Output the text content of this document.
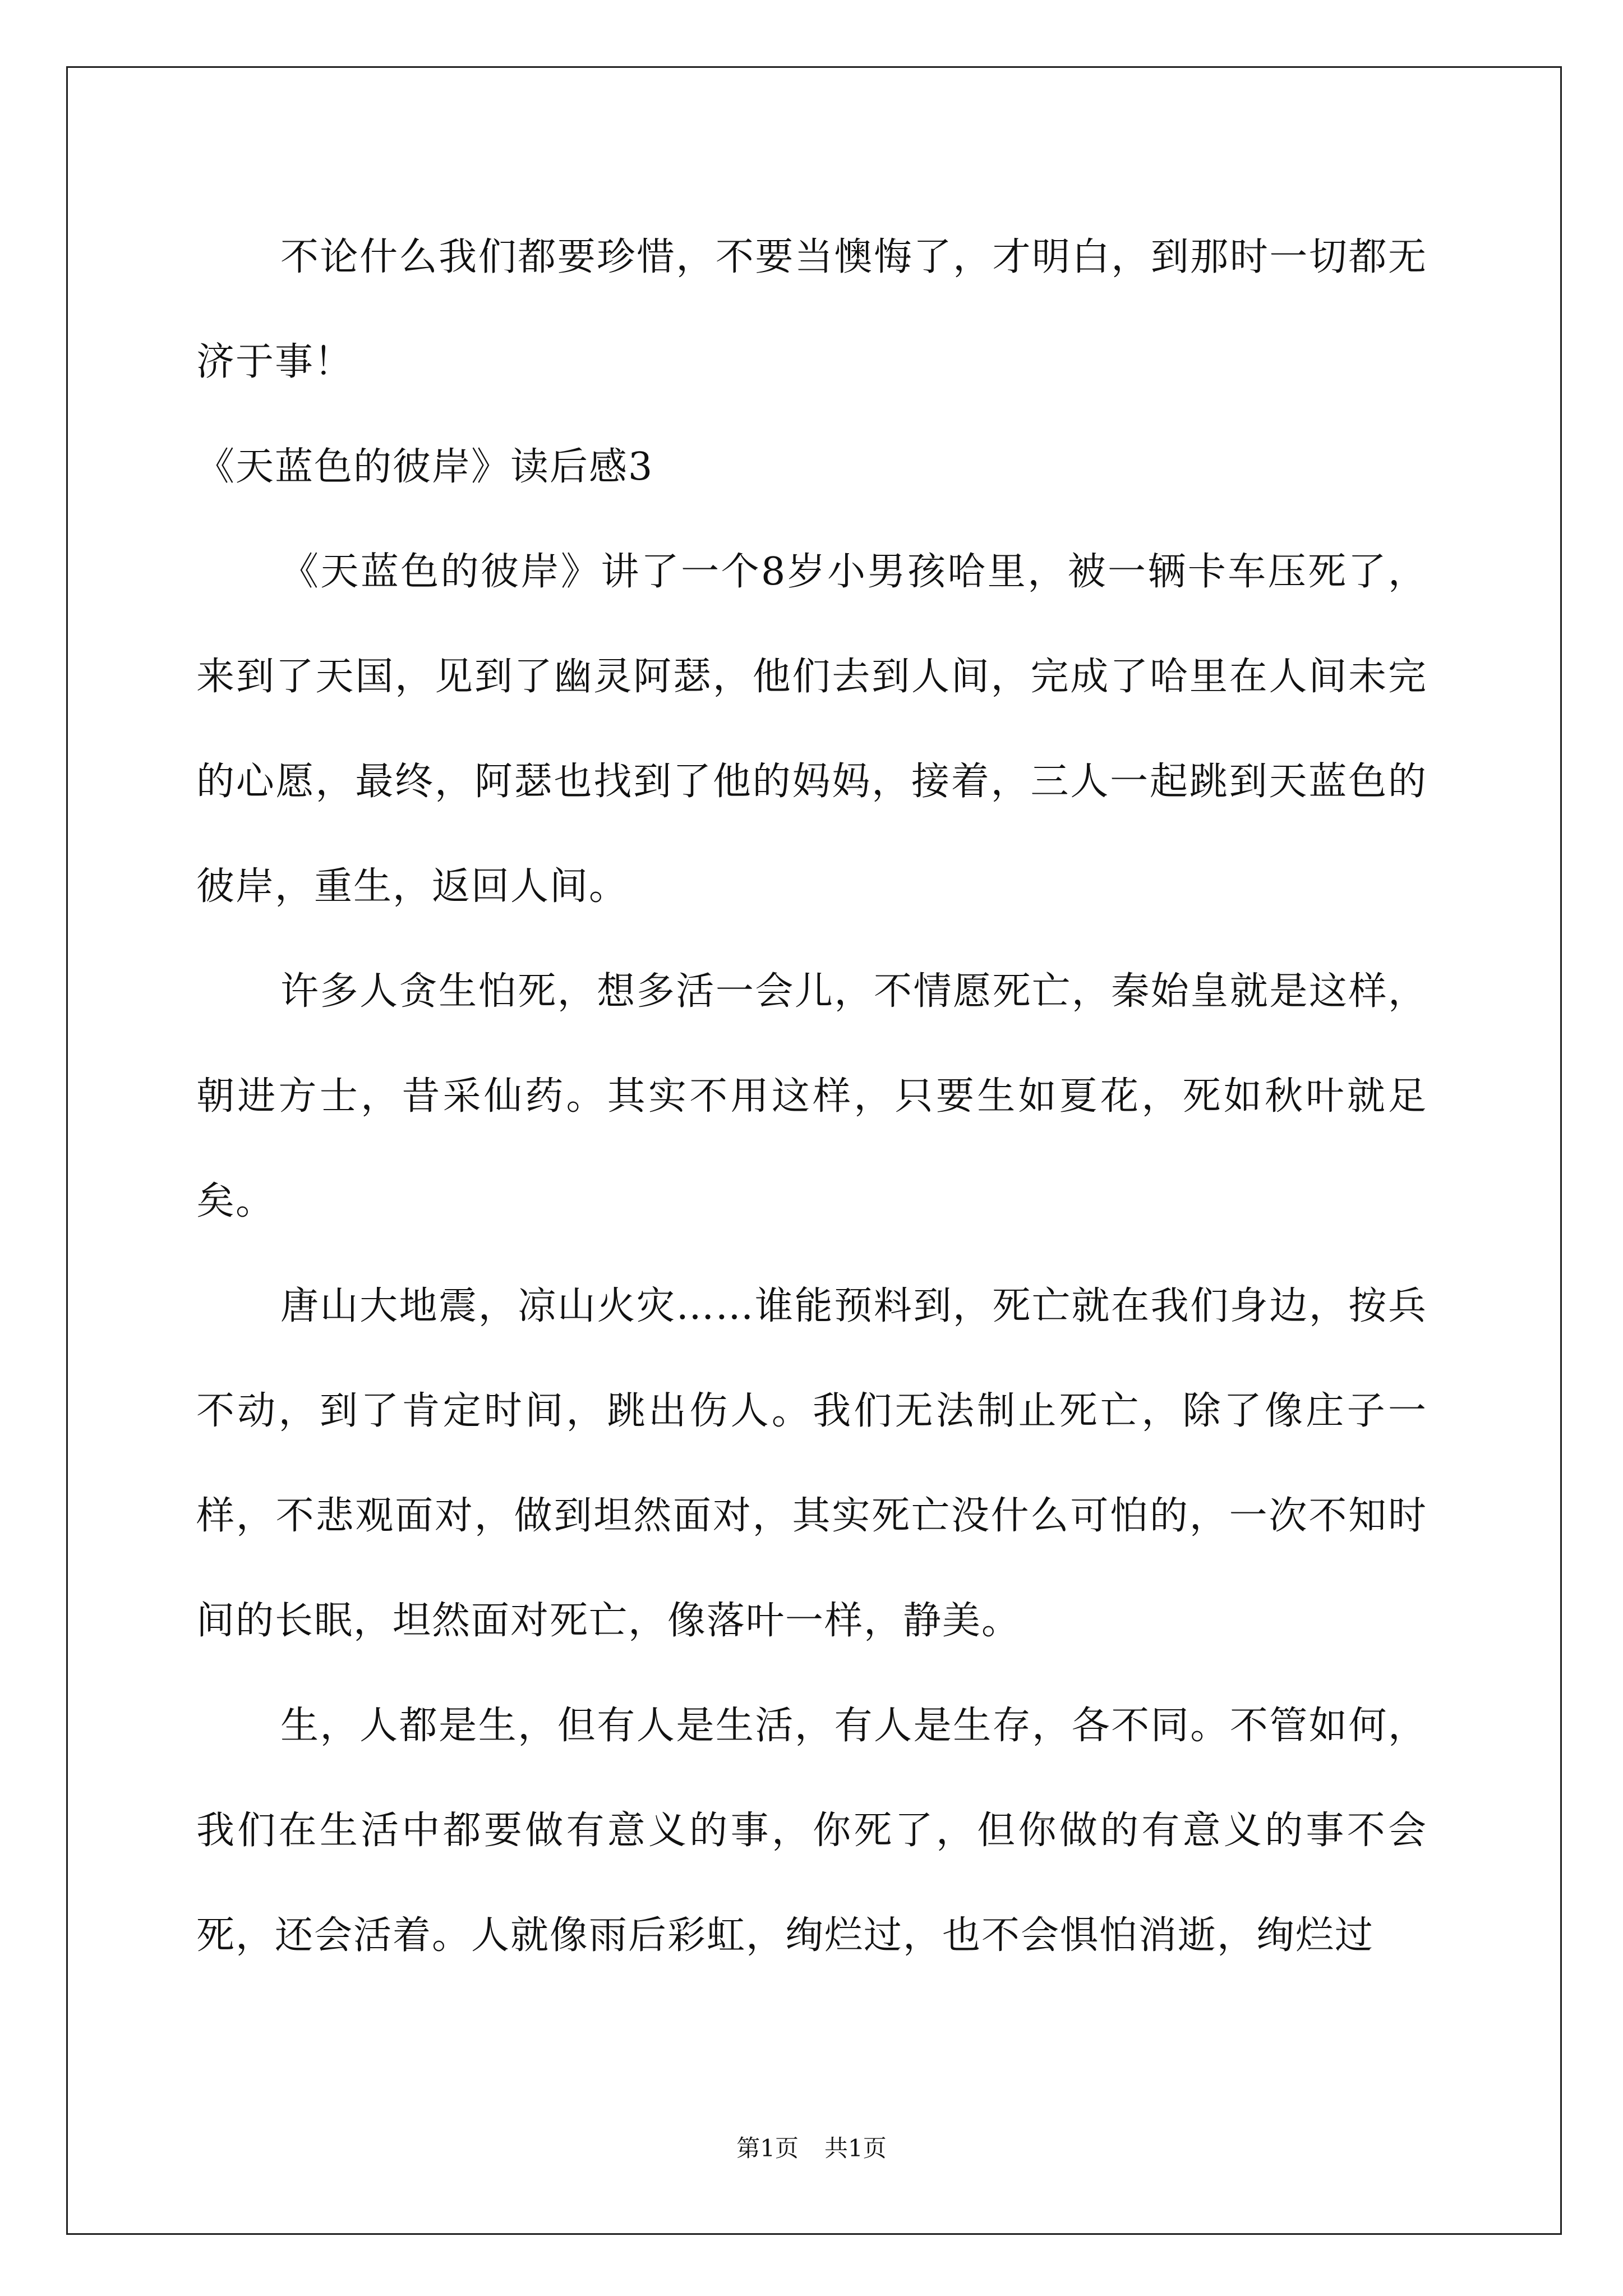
不论什么我们都要珍惜，不要当懊悔了，才明白，到那时一切都无济于事！

《天蓝色的彼岸》读后感3

《天蓝色的彼岸》讲了一个8岁小男孩哈里，被一辆卡车压死了，来到了天国，见到了幽灵阿瑟，他们去到人间，完成了哈里在人间未完的心愿，最终，阿瑟也找到了他的妈妈，接着，三人一起跳到天蓝色的彼岸，重生，返回人间。

许多人贪生怕死，想多活一会儿，不情愿死亡，秦始皇就是这样，朝进方士，昔采仙药。其实不用这样，只要生如夏花，死如秋叶就足矣。

唐山大地震，凉山火灾……谁能预料到，死亡就在我们身边，按兵不动，到了肯定时间，跳出伤人。我们无法制止死亡，除了像庄子一样，不悲观面对，做到坦然面对，其实死亡没什么可怕的，一次不知时间的长眠，坦然面对死亡，像落叶一样，静美。

生，人都是生，但有人是生活，有人是生存，各不同。不管如何，我们在生活中都要做有意义的事，你死了，但你做的有意义的事不会死，还会活着。人就像雨后彩虹，绚烂过，也不会惧怕消逝，绚烂过

第1页 共1页
